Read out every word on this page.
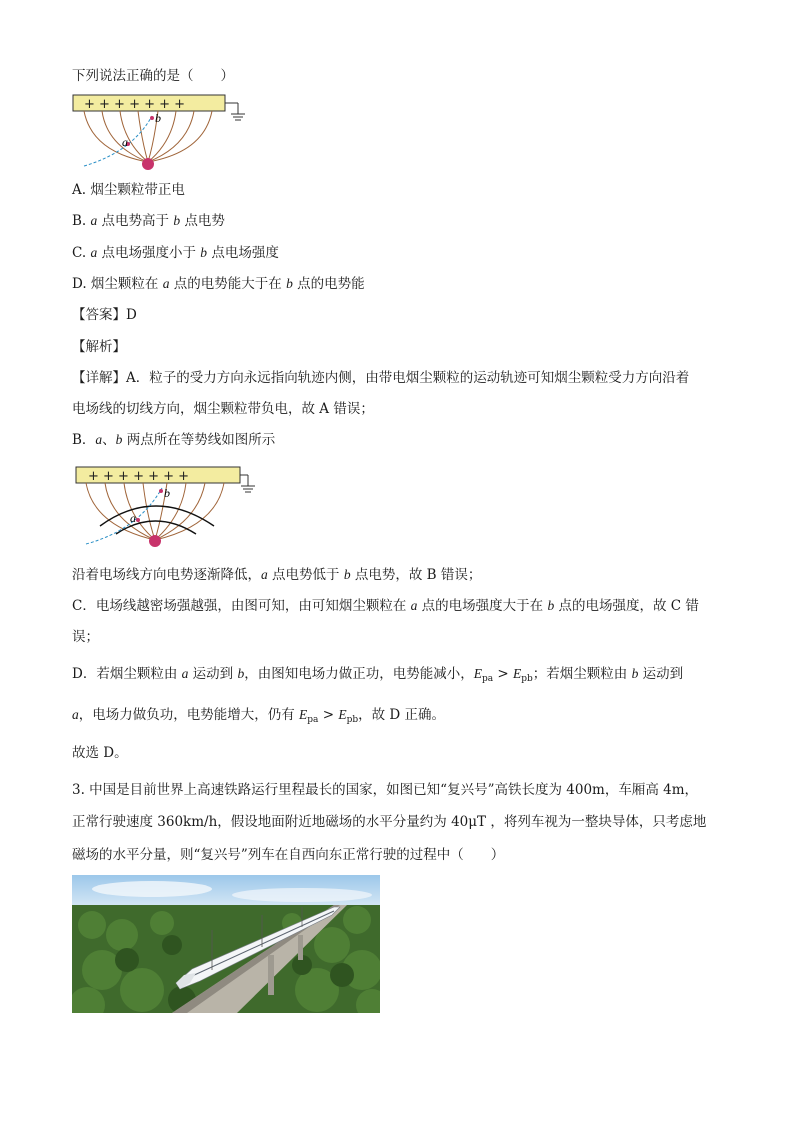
下列说法正确的是（　　）
+ + + + + + +
a
b
A. 烟尘颗粒带正电
B. a 点电势高于 b 点电势
C. a 点电场强度小于 b 点电场强度
D. 烟尘颗粒在 a 点的电势能大于在 b 点的电势能
【答案】D
【解析】
【详解】A．粒子的受力方向永远指向轨迹内侧，由带电烟尘颗粒的运动轨迹可知烟尘颗粒受力方向沿着
电场线的切线方向，烟尘颗粒带负电，故 A 错误；
B．a、b 两点所在等势线如图所示
+ + + + + + +
a
b
沿着电场线方向电势逐渐降低，a 点电势低于 b 点电势，故 B 错误；
C．电场线越密场强越强，由图可知，由可知烟尘颗粒在 a 点的电场强度大于在 b 点的电场强度，故 C 错
误；
D．若烟尘颗粒由 a 运动到 b，由图知电场力做正功，电势能减小，$E_{pa} > E_{pb}$；若烟尘颗粒由 b 运动到
a，电场力做负功，电势能增大，仍有 $E_{pa} > E_{pb}$，故 D 正确。
故选 D。
3. 中国是目前世界上高速铁路运行里程最长的国家，如图已知“复兴号”高铁长度为 400m，车厢高 4m，
正常行驶速度 360km/h，假设地面附近地磁场的水平分量约为 40μT ，将列车视为一整块导体，只考虑地
磁场的水平分量，则“复兴号”列车在自西向东正常行驶的过程中（　　）
